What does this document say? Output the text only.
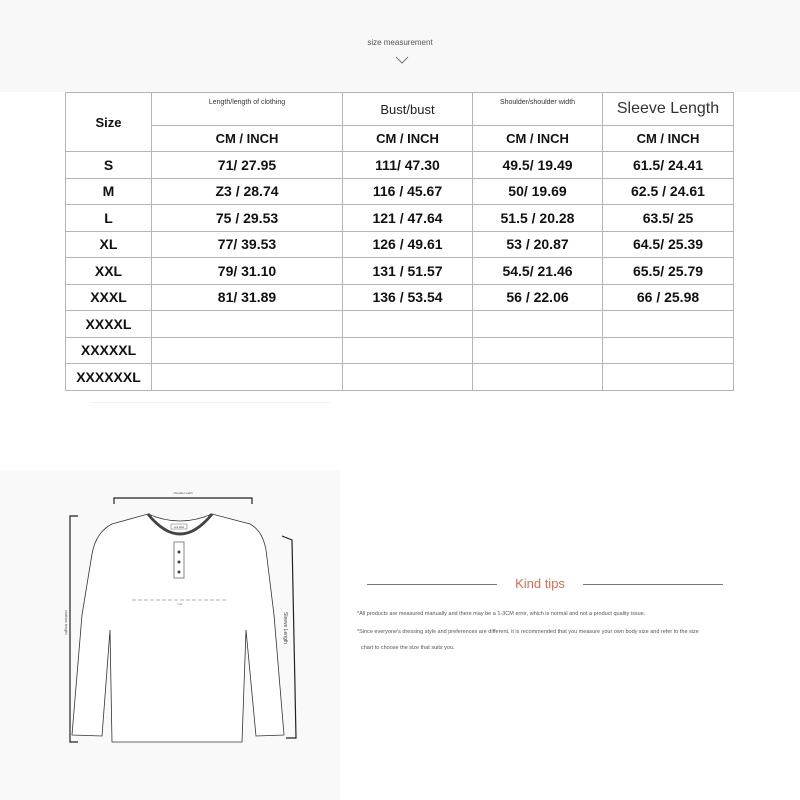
size measurement
Size	Length/length of clothing	Bust/bust	Shoulder/shoulder width	Sleeve Length
	CM / INCH	CM / INCH	CM / INCH	CM / INCH
S	71/ 27.95	111/ 47.30	49.5/ 19.49	61.5/ 24.41
M	Z3 / 28.74	116 / 45.67	50/ 19.69	62.5 / 24.61
L	75 / 29.53	121 / 47.64	51.5 / 20.28	63.5/ 25
XL	77/ 39.53	126 / 49.61	53 / 20.87	64.5/ 25.39
XXL	79/ 31.10	131 / 51.57	54.5/ 21.46	65.5/ 25.79
XXXL	81/ 31.89	136 / 53.54	56 / 22.06	66 / 25.98
XXXXL				
XXXXXL				
XXXXXXL				
size label
shoulder width
clothes length	Sleeve Length
bust
Kind tips
*All products are measured manually and there may be a 1-3CM error, which is normal and not a product quality issue.
*Since everyone's dressing style and preferences are different, it is recommended that you measure your own body size and refer to the size
chart to choose the size that suits you.
